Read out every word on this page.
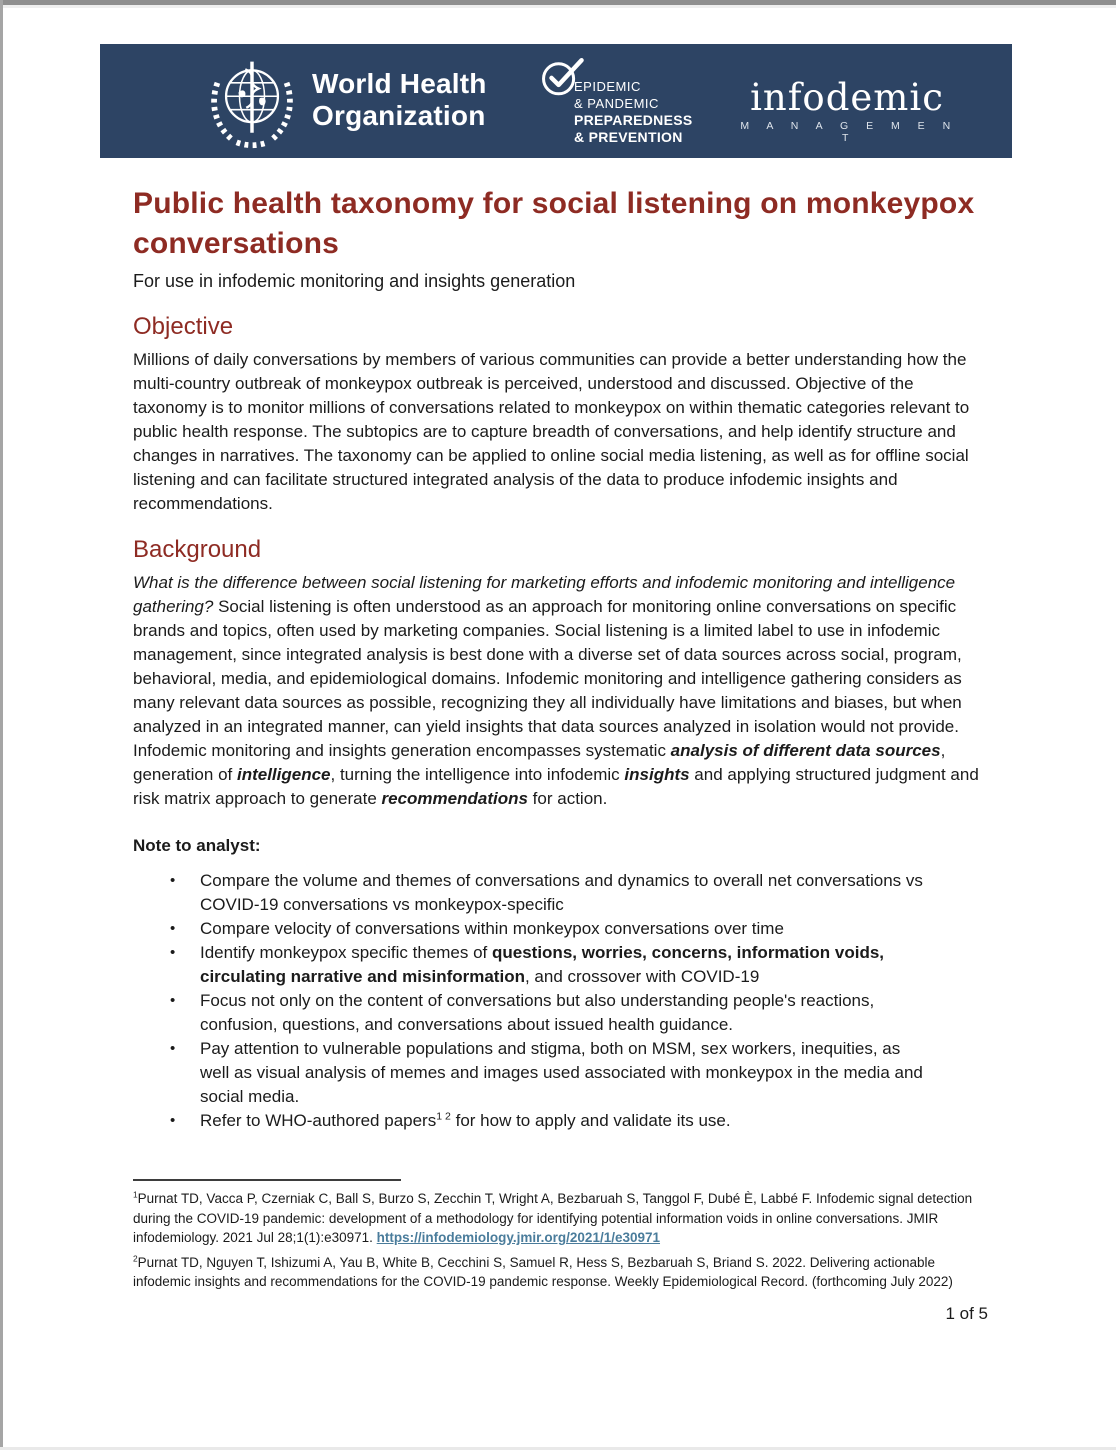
World Health
Organization
EPIDEMIC
& PANDEMIC
PREPAREDNESS
& PREVENTION
infodemic
M A N A G E M E N T
Public health taxonomy for social listening on monkeypox conversations
For use in infodemic monitoring and insights generation
Objective

Millions of daily conversations by members of various communities can provide a better understanding how the multi-country outbreak of monkeypox outbreak is perceived, understood and discussed. Objective of the taxonomy is to monitor millions of conversations related to monkeypox on within thematic categories relevant to public health response. The subtopics are to capture breadth of conversations, and help identify structure and changes in narratives. The taxonomy can be applied to online social media listening, as well as for offline social listening and can facilitate structured integrated analysis of the data to produce infodemic insights and recommendations.

Background

What is the difference between social listening for marketing efforts and infodemic monitoring and intelligence gathering? Social listening is often understood as an approach for monitoring online conversations on specific brands and topics, often used by marketing companies. Social listening is a limited label to use in infodemic management, since integrated analysis is best done with a diverse set of data sources across social, program, behavioral, media, and epidemiological domains. Infodemic monitoring and intelligence gathering considers as many relevant data sources as possible, recognizing they all individually have limitations and biases, but when analyzed in an integrated manner, can yield insights that data sources analyzed in isolation would not provide. Infodemic monitoring and insights generation encompasses systematic analysis of different data sources, generation of intelligence, turning the intelligence into infodemic insights and applying structured judgment and risk matrix approach to generate recommendations for action.

Note to analyst:
•	Compare the volume and themes of conversations and dynamics to overall net conversations vs COVID-19 conversations vs monkeypox-specific
•	Compare velocity of conversations within monkeypox conversations over time
•	Identify monkeypox specific themes of questions, worries, concerns, information voids, circulating narrative and misinformation, and crossover with COVID-19
•	Focus not only on the content of conversations but also understanding people's reactions, confusion, questions, and conversations about issued health guidance.
•	Pay attention to vulnerable populations and stigma, both on MSM, sex workers, inequities, as well as visual analysis of memes and images used associated with monkeypox in the media and social media.
•	Refer to WHO-authored papers$^1$ $^2$ for how to apply and validate its use.
$^1$Purnat TD, Vacca P, Czerniak C, Ball S, Burzo S, Zecchin T, Wright A, Bezbaruah S, Tanggol F, Dubé È, Labbé F. Infodemic signal detection during the COVID-19 pandemic: development of a methodology for identifying potential information voids in online conversations. JMIR infodemiology. 2021 Jul 28;1(1):e30971. https://infodemiology.jmir.org/2021/1/e30971
$^2$Purnat TD, Nguyen T, Ishizumi A, Yau B, White B, Cecchini S, Samuel R, Hess S, Bezbaruah S, Briand S. 2022. Delivering actionable infodemic insights and recommendations for the COVID-19 pandemic response. Weekly Epidemiological Record. (forthcoming July 2022)
1 of 5
